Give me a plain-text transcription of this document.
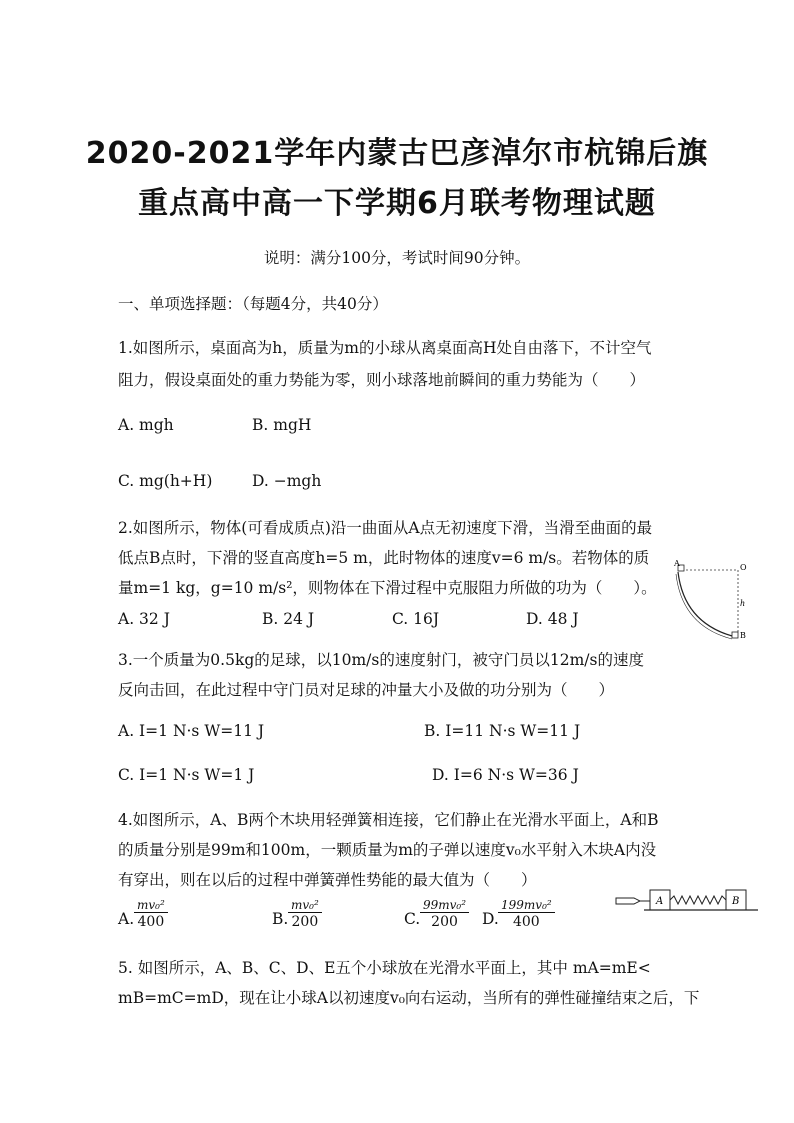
2020-2021学年内蒙古巴彦淖尔市杭锦后旗
重点高中高一下学期6月联考物理试题
说明：满分100分，考试时间90分钟。
一、单项选择题：（每题4分，共40分）
1.如图所示，桌面高为h，质量为m的小球从离桌面高H处自由落下，不计空气
阻力，假设桌面处的重力势能为零，则小球落地前瞬间的重力势能为（　　）
A. mgh	B. mgH
C. mg(h+H)	D. −mgh
2.如图所示，物体(可看成质点)沿一曲面从A点无初速度下滑，当滑至曲面的最
低点B点时，下滑的竖直高度h=5 m，此时物体的速度v=6 m/s。若物体的质
量m=1 kg，g=10 m/s²，则物体在下滑过程中克服阻力所做的功为（　　）。
A. 32 J	B. 24 J	C. 16J	D. 48 J
A	O
h
B
3.一个质量为0.5kg的足球，以10m/s的速度射门，被守门员以12m/s的速度
反向击回，在此过程中守门员对足球的冲量大小及做的功分别为（　　）
A. I=1 N·s W=11 J	B. I=11 N·s W=11 J
C. I=1 N·s W=1 J	D. I=6 N·s W=36 J
4.如图所示，A、B两个木块用轻弹簧相连接，它们静止在光滑水平面上，A和B
的质量分别是99m和100m，一颗质量为m的子弹以速度v₀水平射入木块A内没
有穿出，则在以后的过程中弹簧弹性势能的最大值为（　　）
A. $\frac{\text{mv₀²}}{400}$	B. $\frac{\text{mv₀²}}{200}$	C. $\frac{\text{99mv₀²}}{200} D$. $\frac{\text{199mv₀²}}{400}$	A	B
5. 如图所示，A、B、C、D、E五个小球放在光滑水平面上，其中 mA=mE<
mB=mC=mD，现在让小球A以初速度v₀向右运动，当所有的弹性碰撞结束之后，下
